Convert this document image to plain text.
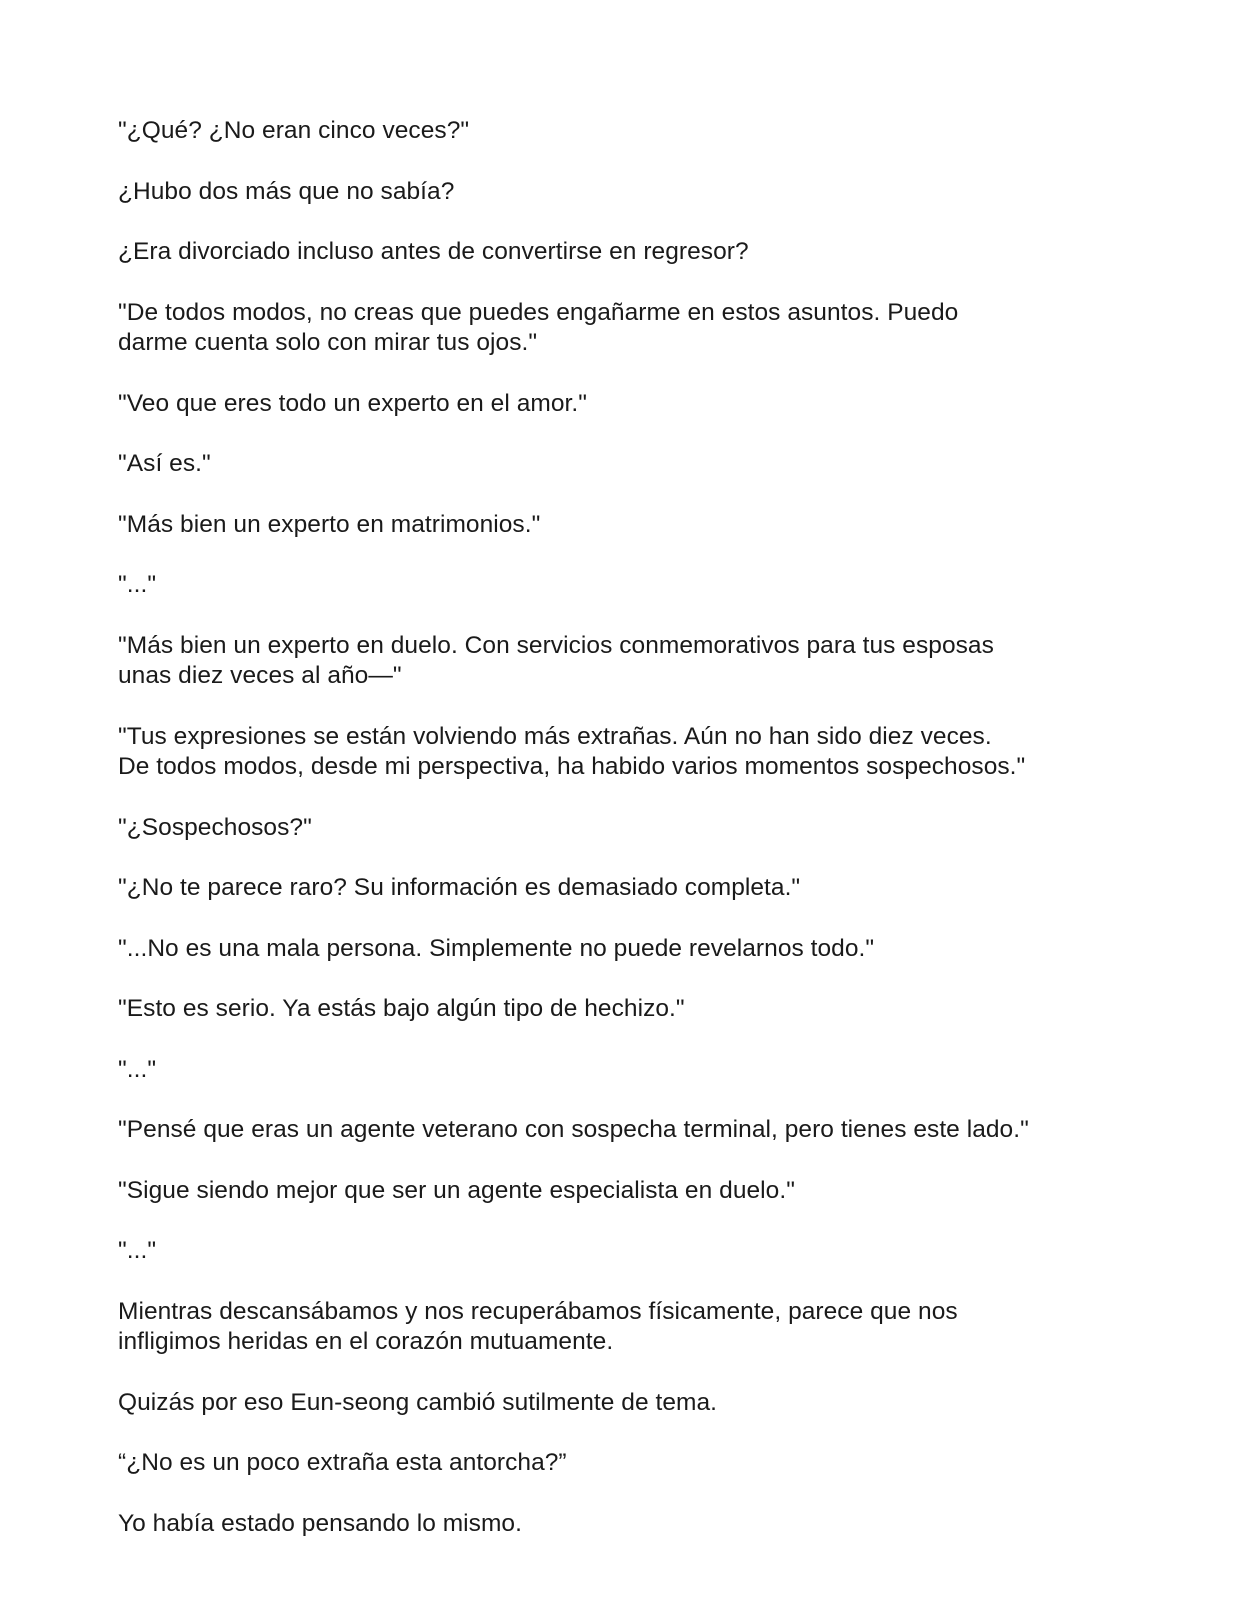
"¿Qué? ¿No eran cinco veces?"

¿Hubo dos más que no sabía?

¿Era divorciado incluso antes de convertirse en regresor?

"De todos modos, no creas que puedes engañarme en estos asuntos. Puedo
darme cuenta solo con mirar tus ojos."

"Veo que eres todo un experto en el amor."

"Así es."

"Más bien un experto en matrimonios."

"..."

"Más bien un experto en duelo. Con servicios conmemorativos para tus esposas
unas diez veces al año—"

"Tus expresiones se están volviendo más extrañas. Aún no han sido diez veces.
De todos modos, desde mi perspectiva, ha habido varios momentos sospechosos."

"¿Sospechosos?"

"¿No te parece raro? Su información es demasiado completa."

"...No es una mala persona. Simplemente no puede revelarnos todo."

"Esto es serio. Ya estás bajo algún tipo de hechizo."

"..."

"Pensé que eras un agente veterano con sospecha terminal, pero tienes este lado."

"Sigue siendo mejor que ser un agente especialista en duelo."

"..."

Mientras descansábamos y nos recuperábamos físicamente, parece que nos
infligimos heridas en el corazón mutuamente.

Quizás por eso Eun-seong cambió sutilmente de tema.

“¿No es un poco extraña esta antorcha?”

Yo había estado pensando lo mismo.
